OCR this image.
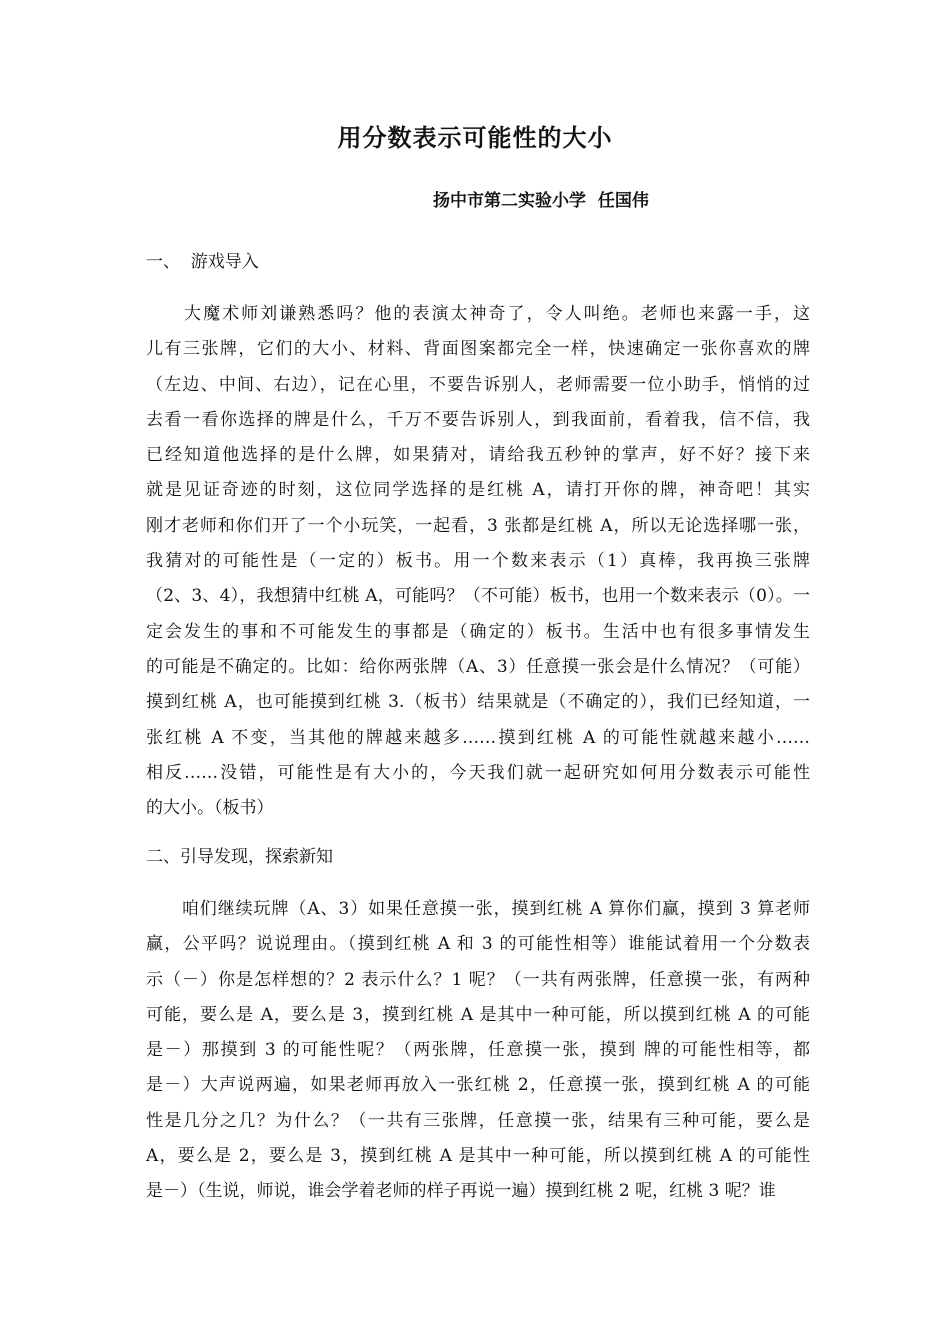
用分数表示可能性的大小

扬中市第二实验小学  任国伟

一、  游戏导入

　　大魔术师刘谦熟悉吗？他的表演太神奇了，令人叫绝。老师也来露一手，这
儿有三张牌，它们的大小、材料、背面图案都完全一样，快速确定一张你喜欢的牌
（左边、中间、右边），记在心里，不要告诉别人，老师需要一位小助手，悄悄的过
去看一看你选择的牌是什么，千万不要告诉别人，到我面前，看着我，信不信，我
已经知道他选择的是什么牌，如果猜对，请给我五秒钟的掌声，好不好？接下来
就是见证奇迹的时刻，这位同学选择的是红桃 A，请打开你的牌，神奇吧！其实
刚才老师和你们开了一个小玩笑，一起看，3 张都是红桃 A，所以无论选择哪一张，
我猜对的可能性是（一定的）板书。用一个数来表示（1）真棒，我再换三张牌
（2、3、4），我想猜中红桃 A，可能吗？（不可能）板书，也用一个数来表示（0）。一
定会发生的事和不可能发生的事都是（确定的）板书。生活中也有很多事情发生
的可能是不确定的。比如：给你两张牌（A、3）任意摸一张会是什么情况？（可能）
摸到红桃 A，也可能摸到红桃 3.（板书）结果就是（不确定的），我们已经知道，一
张红桃 A 不变，当其他的牌越来越多……摸到红桃 A 的可能性就越来越小……
相反……没错，可能性是有大小的，今天我们就一起研究如何用分数表示可能性
的大小。（板书）

二、引导发现，探索新知

　　咱们继续玩牌（A、3）如果任意摸一张，摸到红桃 A 算你们赢，摸到 3 算老师
赢，公平吗？说说理由。（摸到红桃 A 和 3 的可能性相等）谁能试着用一个分数表
示（－）你是怎样想的？2 表示什么？1 呢？（一共有两张牌，任意摸一张，有两种
可能，要么是 A，要么是 3，摸到红桃 A 是其中一种可能，所以摸到红桃 A 的可能
是－）那摸到 3 的可能性呢？（两张牌，任意摸一张，摸到 牌的可能性相等，都
是－）大声说两遍，如果老师再放入一张红桃 2，任意摸一张，摸到红桃 A 的可能
性是几分之几？为什么？（一共有三张牌，任意摸一张，结果有三种可能，要么是
A，要么是 2，要么是 3，摸到红桃 A 是其中一种可能，所以摸到红桃 A 的可能性
是－）（生说，师说，谁会学着老师的样子再说一遍）摸到红桃 2 呢，红桃 3 呢？谁
